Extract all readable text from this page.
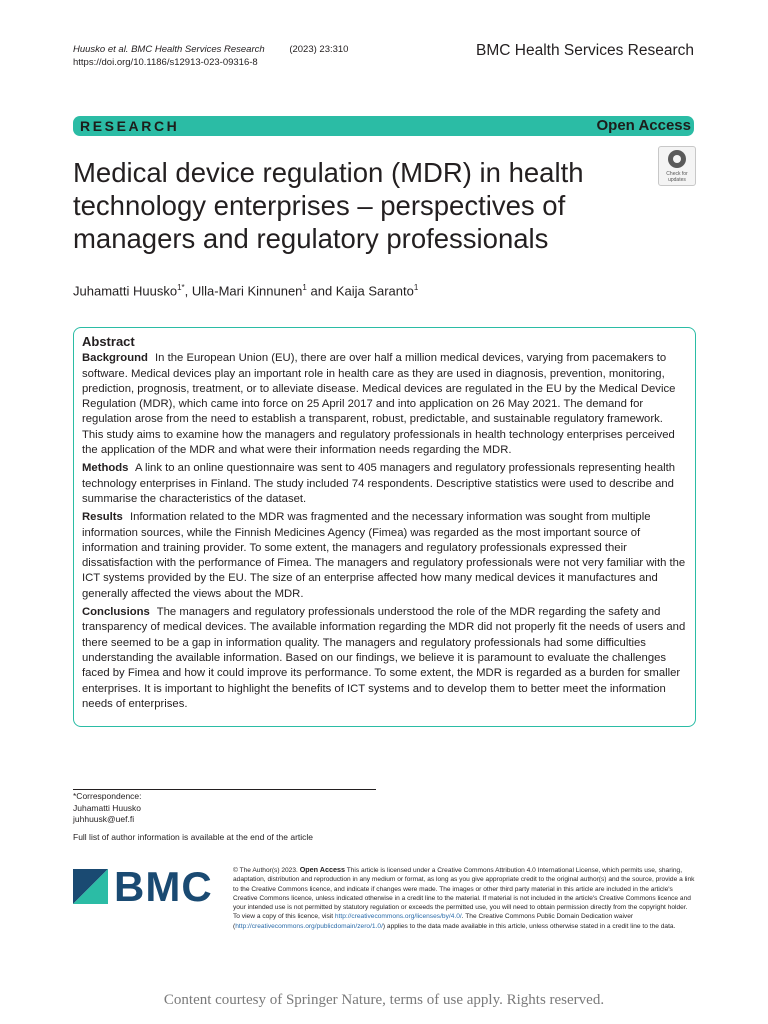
Huusko et al. BMC Health Services Research	(2023) 23:310
https://doi.org/10.1186/s12913-023-09316-8
BMC Health Services Research
RESEARCH	Open Access
Medical device regulation (MDR) in health technology enterprises – perspectives of managers and regulatory professionals
Check for updates
Juhamatti Huusko$^{1*}$, Ulla-Mari Kinnunen$^1$ and Kaija Saranto$^1$
Abstract

Background In the European Union (EU), there are over half a million medical devices, varying from pacemakers to software. Medical devices play an important role in health care as they are used in diagnosis, prevention, monitoring, prediction, prognosis, treatment, or to alleviate disease. Medical devices are regulated in the EU by the Medical Device Regulation (MDR), which came into force on 25 April 2017 and into application on 26 May 2021. The demand for regulation arose from the need to establish a transparent, robust, predictable, and sustainable regulatory framework. This study aims to examine how the managers and regulatory professionals in health technology enterprises perceived the application of the MDR and what were their information needs regarding the MDR.

Methods A link to an online questionnaire was sent to 405 managers and regulatory professionals representing health technology enterprises in Finland. The study included 74 respondents. Descriptive statistics were used to describe and summarise the characteristics of the dataset.

Results Information related to the MDR was fragmented and the necessary information was sought from multiple information sources, while the Finnish Medicines Agency (Fimea) was regarded as the most important source of information and training provider. To some extent, the managers and regulatory professionals expressed their dissatisfaction with the performance of Fimea. The managers and regulatory professionals were not very familiar with the ICT systems provided by the EU. The size of an enterprise affected how many medical devices it manufactures and generally affected the views about the MDR.

Conclusions The managers and regulatory professionals understood the role of the MDR regarding the safety and transparency of medical devices. The available information regarding the MDR did not properly fit the needs of users and there seemed to be a gap in information quality. The managers and regulatory professionals had some difficulties understanding the available information. Based on our findings, we believe it is paramount to evaluate the challenges faced by Fimea and how it could improve its performance. To some extent, the MDR is regarded as a burden for smaller enterprises. It is important to highlight the benefits of ICT systems and to develop them to better meet the information needs of enterprises.

*Correspondence:
Juhamatti Huusko
juhhuusk@uef.fi
Full list of author information is available at the end of the article
BMC	© The Author(s) 2023. Open Access This article is licensed under a Creative Commons Attribution 4.0 International License, which permits use, sharing, adaptation, distribution and reproduction in any medium or format, as long as you give appropriate credit to the original author(s) and the source, provide a link to the Creative Commons licence, and indicate if changes were made. The images or other third party material in this article are included in the article's Creative Commons licence, unless indicated otherwise in a credit line to the material. If material is not included in the article's Creative Commons licence and your intended use is not permitted by statutory regulation or exceeds the permitted use, you will need to obtain permission directly from the copyright holder. To view a copy of this licence, visit http://creativecommons.org/licenses/by/4.0/. The Creative Commons Public Domain Dedication waiver (http://creativecommons.org/publicdomain/zero/1.0/) applies to the data made available in this article, unless otherwise stated in a credit line to the data.
Content courtesy of Springer Nature, terms of use apply. Rights reserved.
